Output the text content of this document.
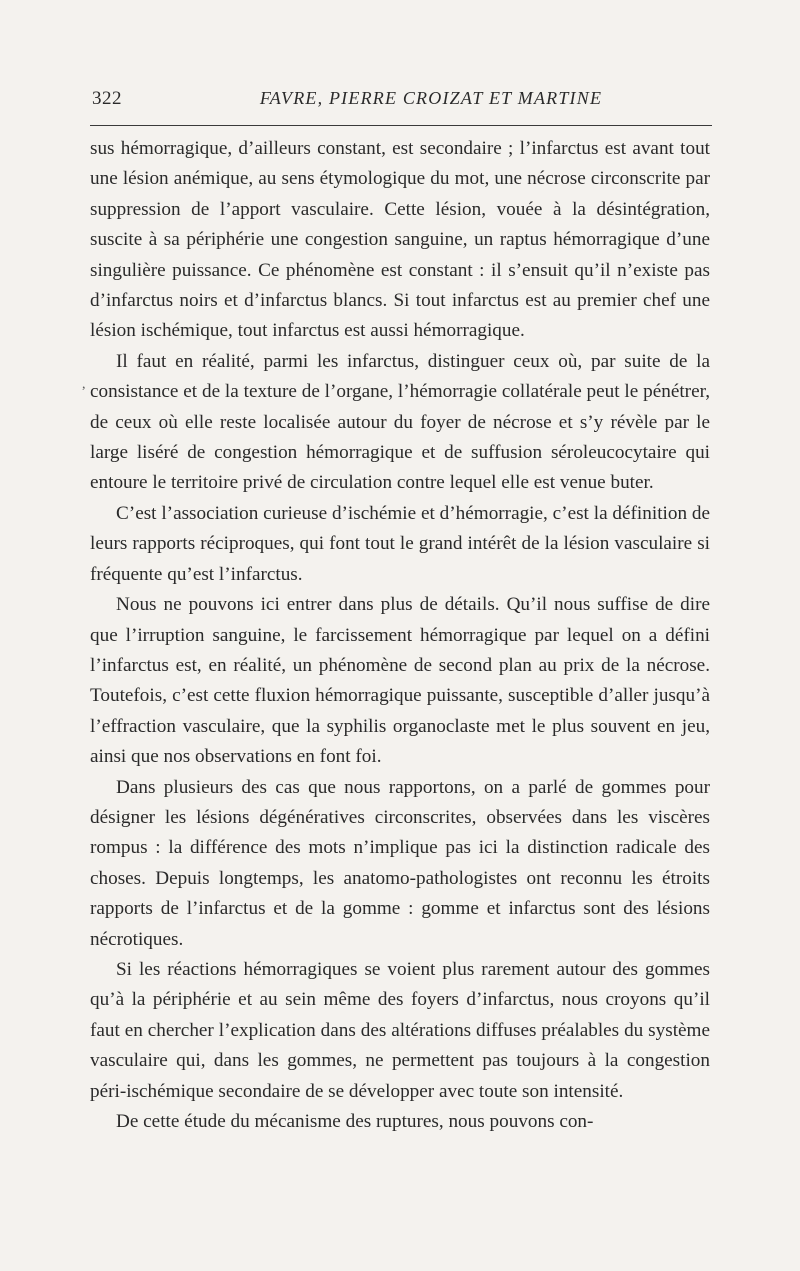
322	FAVRE, PIERRE CROIZAT ET MARTINE
,

sus hémorragique, d’ailleurs constant, est secondaire ; l’infarctus est avant tout une lésion anémique, au sens étymologique du mot, une nécrose circonscrite par suppression de l’apport vasculaire. Cette lésion, vouée à la désintégration, suscite à sa périphérie une congestion sanguine, un raptus hémorragique d’une singulière puissance. Ce phénomène est constant : il s’ensuit qu’il n’existe pas d’infarctus noirs et d’infarctus blancs. Si tout infarctus est au premier chef une lésion ischémique, tout infarctus est aussi hémorragique.

Il faut en réalité, parmi les infarctus, distinguer ceux où, par suite de la consistance et de la texture de l’organe, l’hémorragie collatérale peut le pénétrer, de ceux où elle reste localisée autour du foyer de nécrose et s’y révèle par le large liséré de congestion hémorragique et de suffusion séroleucocytaire qui entoure le territoire privé de circulation contre lequel elle est venue buter.

C’est l’association curieuse d’ischémie et d’hémorragie, c’est la définition de leurs rapports réciproques, qui font tout le grand intérêt de la lésion vasculaire si fréquente qu’est l’infarctus.

Nous ne pouvons ici entrer dans plus de détails. Qu’il nous suffise de dire que l’irruption sanguine, le farcissement hémorragique par lequel on a défini l’infarctus est, en réalité, un phénomène de second plan au prix de la nécrose. Toutefois, c’est cette fluxion hémorragique puissante, susceptible d’aller jusqu’à l’effraction vasculaire, que la syphilis organoclaste met le plus souvent en jeu, ainsi que nos observations en font foi.

Dans plusieurs des cas que nous rapportons, on a parlé de gommes pour désigner les lésions dégénératives circonscrites, observées dans les viscères rompus : la différence des mots n’implique pas ici la distinction radicale des choses. Depuis longtemps, les anatomo-pathologistes ont reconnu les étroits rapports de l’infarctus et de la gomme : gomme et infarctus sont des lésions nécrotiques.

Si les réactions hémorragiques se voient plus rarement autour des gommes qu’à la périphérie et au sein même des foyers d’infarctus, nous croyons qu’il faut en chercher l’explication dans des altérations diffuses préalables du système vasculaire qui, dans les gommes, ne permettent pas toujours à la congestion péri-ischémique secondaire de se développer avec toute son intensité.

De cette étude du mécanisme des ruptures, nous pouvons con-
